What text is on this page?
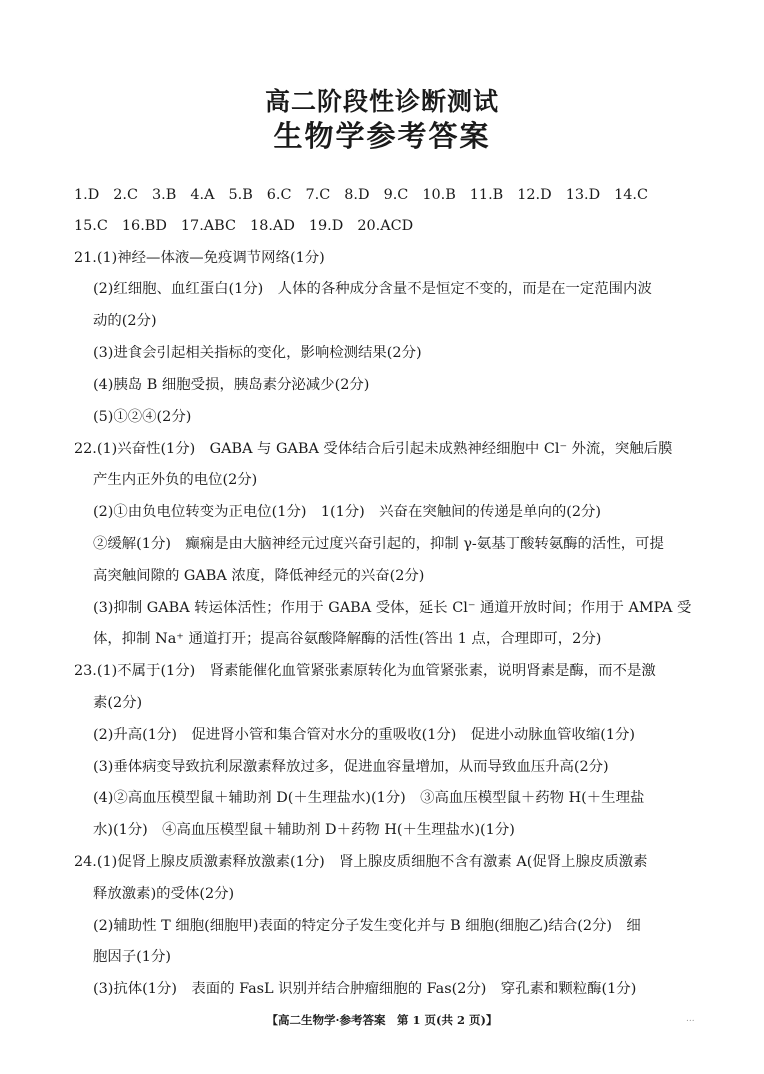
高二阶段性诊断测试
生物学参考答案
1.D 2.C 3.B 4.A 5.B 6.C 7.C 8.D 9.C 10.B 11.B 12.D 13.D 14.C
15.C 16.BD 17.ABC 18.AD 19.D 20.ACD
21.(1)神经—体液—免疫调节网络(1分)
(2)红细胞、血红蛋白(1分)　人体的各种成分含量不是恒定不变的，而是在一定范围内波
动的(2分)
(3)进食会引起相关指标的变化，影响检测结果(2分)
(4)胰岛 B 细胞受损，胰岛素分泌减少(2分)
(5)①②④(2分)
22.(1)兴奋性(1分)　GABA 与 GABA 受体结合后引起未成熟神经细胞中 Cl⁻ 外流，突触后膜
产生内正外负的电位(2分)
(2)①由负电位转变为正电位(1分)　1(1分)　兴奋在突触间的传递是单向的(2分)
②缓解(1分)　癫痫是由大脑神经元过度兴奋引起的，抑制 γ-氨基丁酸转氨酶的活性，可提
高突触间隙的 GABA 浓度，降低神经元的兴奋(2分)
(3)抑制 GABA 转运体活性；作用于 GABA 受体，延长 Cl⁻ 通道开放时间；作用于 AMPA 受
体，抑制 Na⁺ 通道打开；提高谷氨酸降解酶的活性(答出 1 点，合理即可，2分)
23.(1)不属于(1分)　肾素能催化血管紧张素原转化为血管紧张素，说明肾素是酶，而不是激
素(2分)
(2)升高(1分)　促进肾小管和集合管对水分的重吸收(1分)　促进小动脉血管收缩(1分)
(3)垂体病变导致抗利尿激素释放过多，促进血容量增加，从而导致血压升高(2分)
(4)②高血压模型鼠＋辅助剂 D(＋生理盐水)(1分)　③高血压模型鼠＋药物 H(＋生理盐
水)(1分)　④高血压模型鼠＋辅助剂 D＋药物 H(＋生理盐水)(1分)
24.(1)促肾上腺皮质激素释放激素(1分)　肾上腺皮质细胞不含有激素 A(促肾上腺皮质激素
释放激素)的受体(2分)
(2)辅助性 T 细胞(细胞甲)表面的特定分子发生变化并与 B 细胞(细胞乙)结合(2分)　细
胞因子(1分)
(3)抗体(1分)　表面的 FasL 识别并结合肿瘤细胞的 Fas(2分)　穿孔素和颗粒酶(1分)
【高二生物学·参考答案　第 1 页(共 2 页)】	...
